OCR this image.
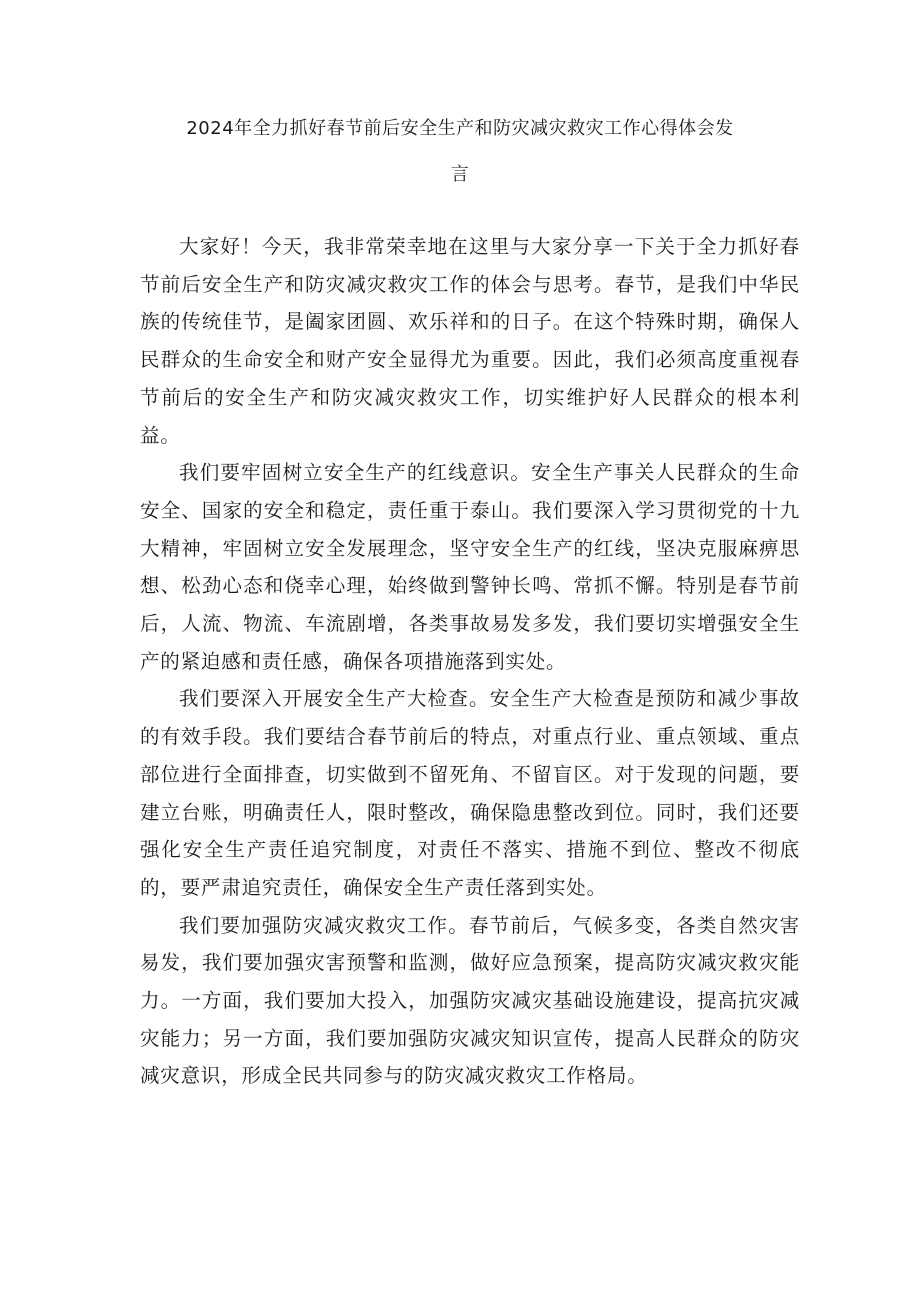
2024年全力抓好春节前后安全生产和防灾减灾救灾工作心得体会发
言

大家好！今天，我非常荣幸地在这里与大家分享一下关于全力抓好春节前后安全生产和防灾减灾救灾工作的体会与思考。春节，是我们中华民族的传统佳节，是阖家团圆、欢乐祥和的日子。在这个特殊时期，确保人民群众的生命安全和财产安全显得尤为重要。因此，我们必须高度重视春节前后的安全生产和防灾减灾救灾工作，切实维护好人民群众的根本利益。

我们要牢固树立安全生产的红线意识。安全生产事关人民群众的生命安全、国家的安全和稳定，责任重于泰山。我们要深入学习贯彻党的十九大精神，牢固树立安全发展理念，坚守安全生产的红线，坚决克服麻痹思想、松劲心态和侥幸心理，始终做到警钟长鸣、常抓不懈。特别是春节前后，人流、物流、车流剧增，各类事故易发多发，我们要切实增强安全生产的紧迫感和责任感，确保各项措施落到实处。

我们要深入开展安全生产大检查。安全生产大检查是预防和减少事故的有效手段。我们要结合春节前后的特点，对重点行业、重点领域、重点部位进行全面排查，切实做到不留死角、不留盲区。对于发现的问题，要建立台账，明确责任人，限时整改，确保隐患整改到位。同时，我们还要强化安全生产责任追究制度，对责任不落实、措施不到位、整改不彻底的，要严肃追究责任，确保安全生产责任落到实处。

我们要加强防灾减灾救灾工作。春节前后，气候多变，各类自然灾害易发，我们要加强灾害预警和监测，做好应急预案，提高防灾减灾救灾能力。一方面，我们要加大投入，加强防灾减灾基础设施建设，提高抗灾减灾能力；另一方面，我们要加强防灾减灾知识宣传，提高人民群众的防灾减灾意识，形成全民共同参与的防灾减灾救灾工作格局。
